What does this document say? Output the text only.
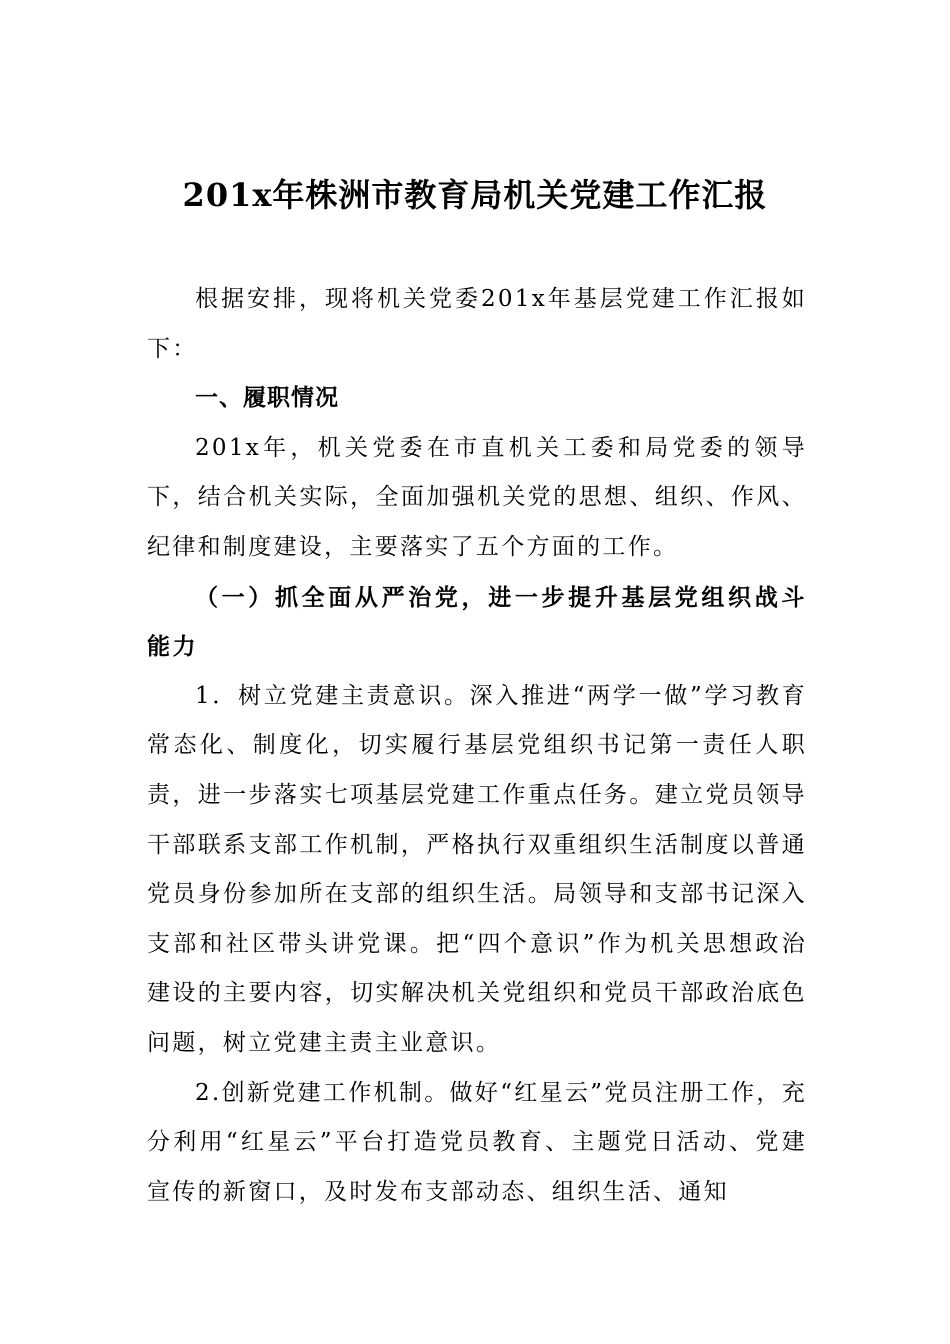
201x年株洲市教育局机关党建工作汇报

根据安排，现将机关党委201x年基层党建工作汇报如下：

一、履职情况

201x年，机关党委在市直机关工委和局党委的领导下，结合机关实际，全面加强机关党的思想、组织、作风、纪律和制度建设，主要落实了五个方面的工作。

（一）抓全面从严治党，进一步提升基层党组织战斗能力

1．树立党建主责意识。深入推进“两学一做”学习教育常态化、制度化，切实履行基层党组织书记第一责任人职责，进一步落实七项基层党建工作重点任务。建立党员领导干部联系支部工作机制，严格执行双重组织生活制度以普通党员身份参加所在支部的组织生活。局领导和支部书记深入支部和社区带头讲党课。把“四个意识”作为机关思想政治建设的主要内容，切实解决机关党组织和党员干部政治底色问题，树立党建主责主业意识。

2.创新党建工作机制。做好“红星云”党员注册工作，充分利用“红星云”平台打造党员教育、主题党日活动、党建宣传的新窗口，及时发布支部动态、组织生活、通知
